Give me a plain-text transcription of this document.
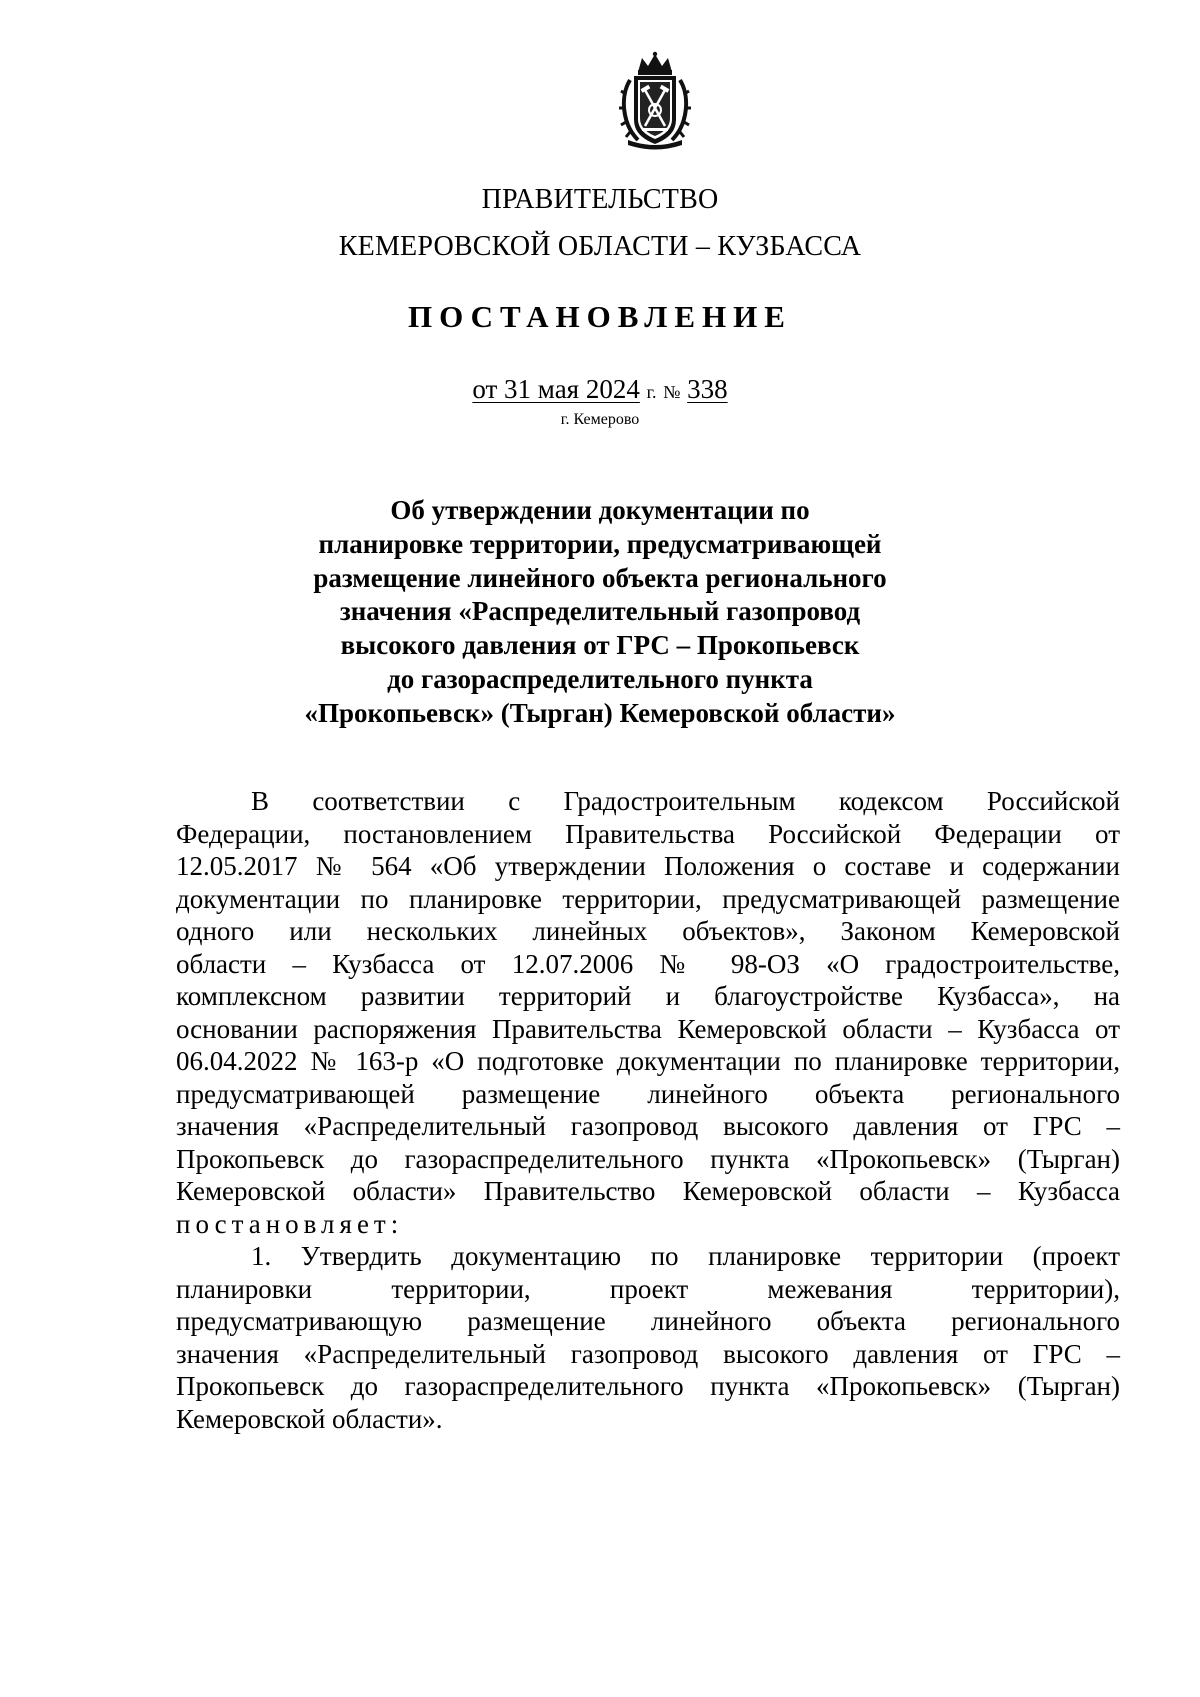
ПРАВИТЕЛЬСТВО
КЕМЕРОВСКОЙ ОБЛАСТИ – КУЗБАССА
ПОСТАНОВЛЕНИЕ
от 31 мая 2024 г. № 338
г. Кемерово
Об утверждении документации по
планировке территории, предусматривающей
размещение линейного объекта регионального
значения «Распределительный газопровод
высокого давления от ГРС – Прокопьевск
до газораспределительного пункта
«Прокопьевск» (Тырган) Кемеровской области»
В соответствии с Градостроительным кодексом Российской
Федерации, постановлением Правительства Российской Федерации от
12.05.2017 № 564 «Об утверждении Положения о составе и содержании
документации по планировке территории, предусматривающей размещение
одного или нескольких линейных объектов», Законом Кемеровской
области – Кузбасса от 12.07.2006 № 98-ОЗ «О градостроительстве,
комплексном развитии территорий и благоустройстве Кузбасса», на
основании распоряжения Правительства Кемеровской области – Кузбасса от
06.04.2022 № 163-р «О подготовке документации по планировке территории,
предусматривающей размещение линейного объекта регионального
значения «Распределительный газопровод высокого давления от ГРС –
Прокопьевск до газораспределительного пункта «Прокопьевск» (Тырган)
Кемеровской области» Правительство Кемеровской области – Кузбасса
постановляет:
1. Утвердить документацию по планировке территории (проект
планировки территории, проект межевания территории),
предусматривающую размещение линейного объекта регионального
значения «Распределительный газопровод высокого давления от ГРС –
Прокопьевск до газораспределительного пункта «Прокопьевск» (Тырган)
Кемеровской области».
